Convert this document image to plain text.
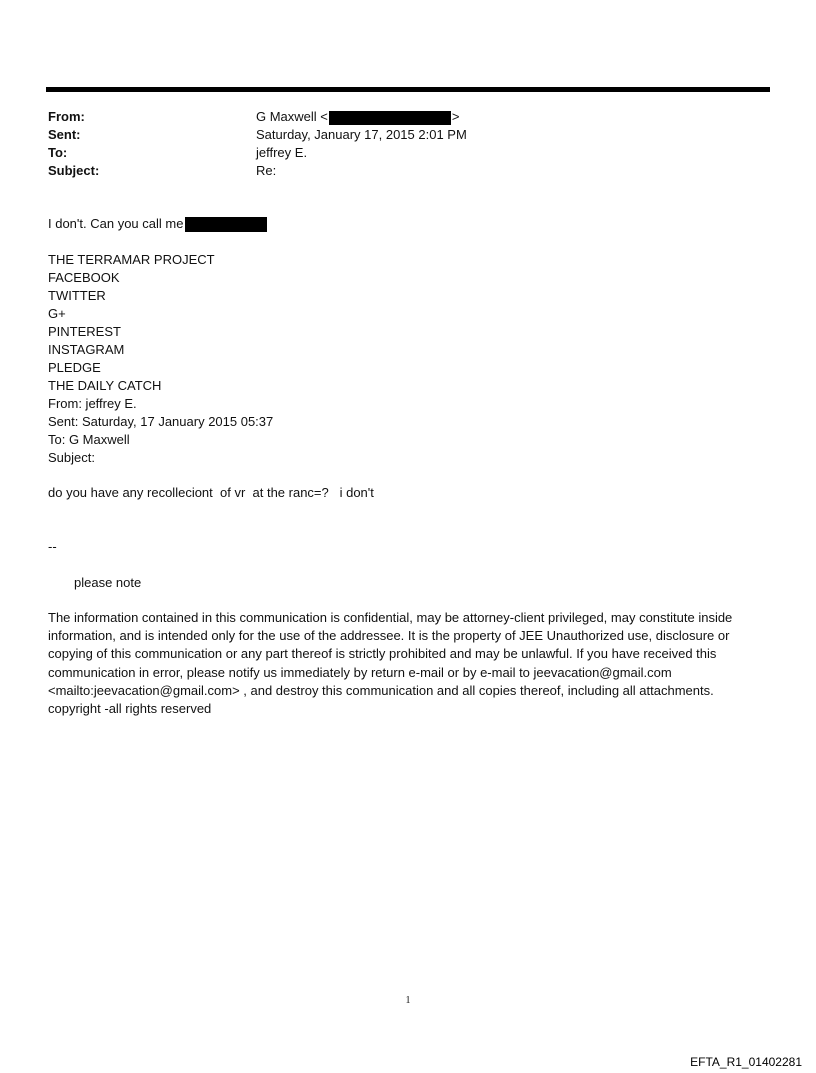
From:	G Maxwell <	>
Sent:	Saturday, January 17, 2015 2:01 PM
To:	jeffrey E.
Subject:	Re:
I don't. Can you call me
THE TERRAMAR PROJECT
FACEBOOK
TWITTER
G+
PINTEREST
INSTAGRAM
PLEDGE
THE DAILY CATCH
From: jeffrey E.
Sent: Saturday, 17 January 2015 05:37
To: G Maxwell
Subject:
do you have any recolleciont  of vr  at the ranc=?   i don't
--
please note
The information contained in this communication is confidential, may be attorney-client privileged, may constitute inside information, and is intended only for the use of the addressee. It is the property of JEE Unauthorized use, disclosure or copying of this communication or any part thereof is strictly prohibited and may be unlawful. If you have received this communication in error, please notify us immediately by return e-mail or by e-mail to jeevacation@gmail.com <mailto:jeevacation@gmail.com> , and destroy this communication and all copies thereof, including all attachments. copyright -all rights reserved
1
EFTA_R1_01402281
